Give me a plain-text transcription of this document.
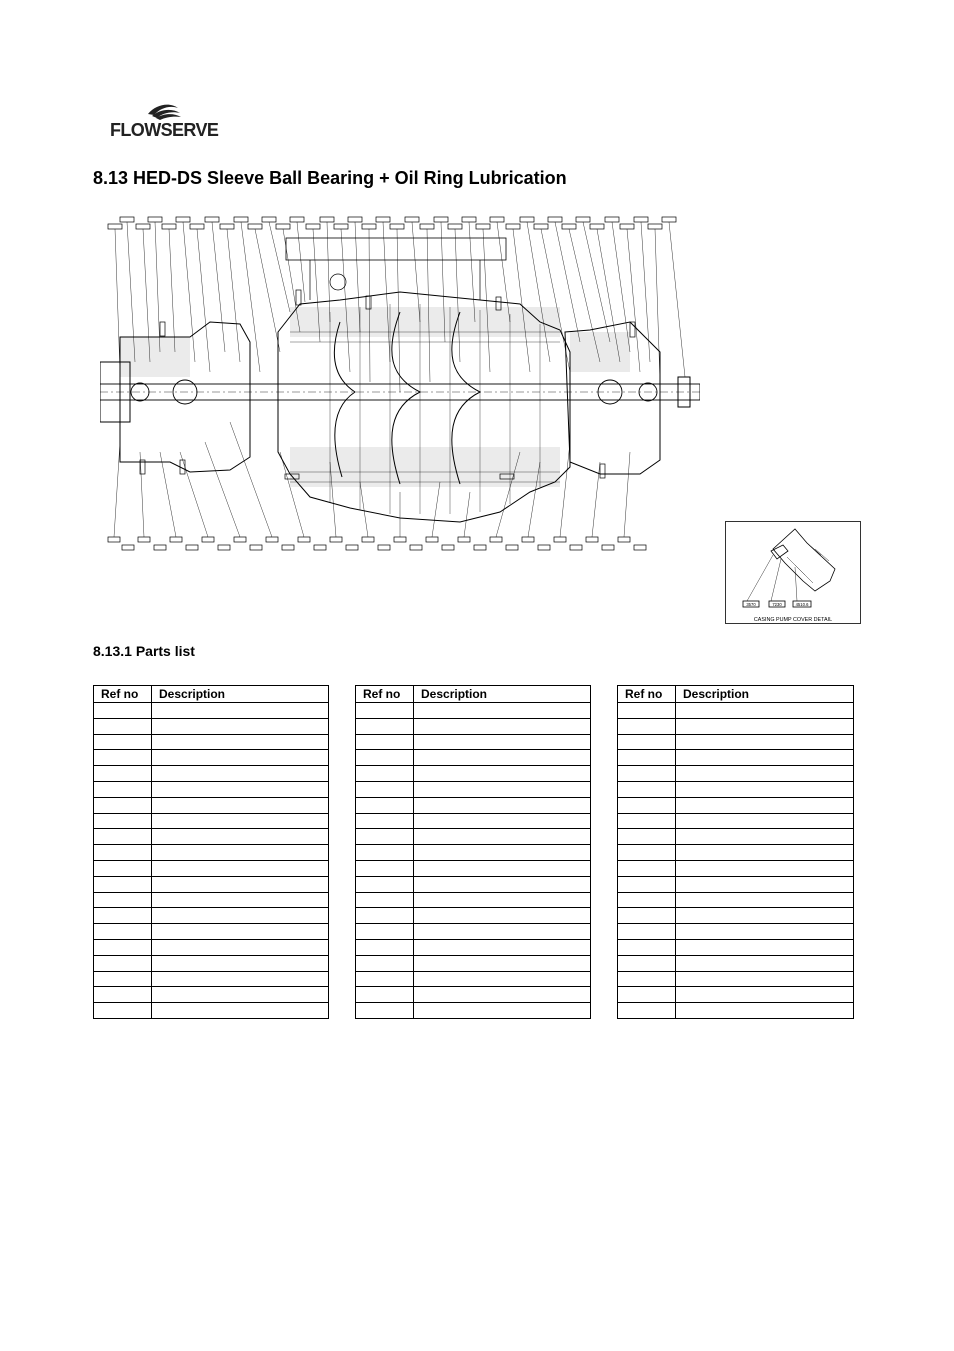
FLOWSERVE
8.13 HED-DS Sleeve Ball Bearing + Oil Ring Lubrication
3570	7230	4510.6
CASING PUMP COVER DETAIL
8.13.1 Parts list
Ref no	Description

		Ref no	Description

		Ref no	Description
